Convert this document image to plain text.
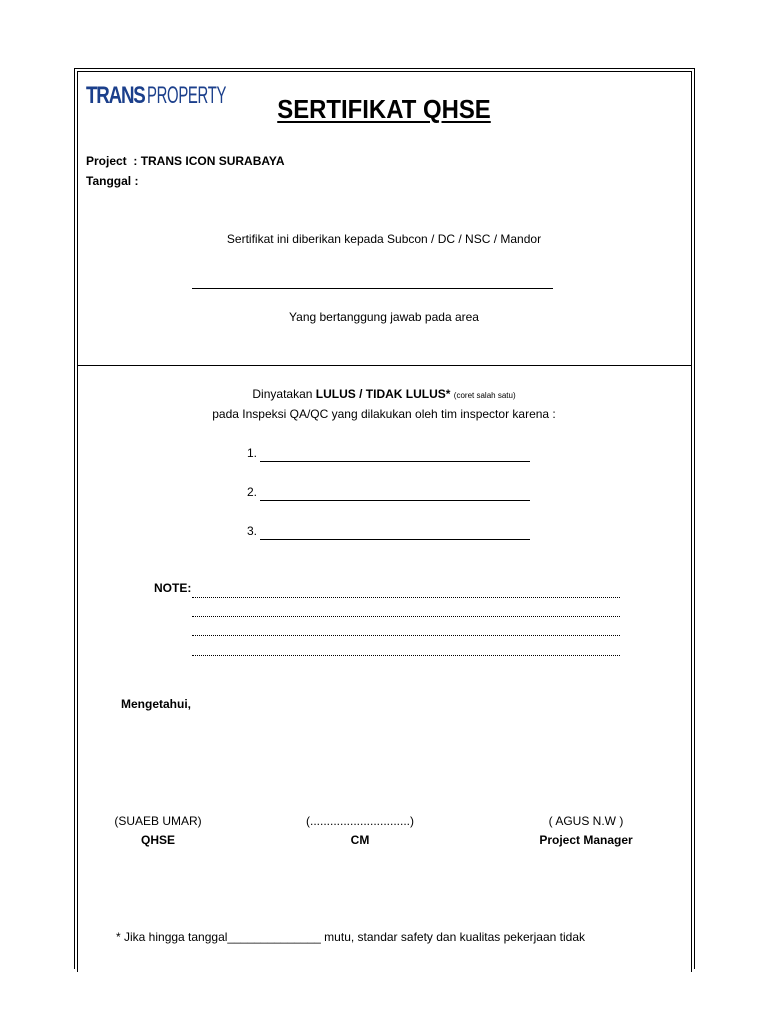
TRANS PROPERTY	SERTIFIKAT QHSE
Project : TRANS ICON SURABAYA
Tanggal :
Sertifikat ini diberikan kepada Subcon / DC / NSC / Mandor
Yang bertanggung jawab pada area
Dinyatakan LULUS / TIDAK LULUS* (coret salah satu)
pada Inspeksi QA/QC yang dilakukan oleh tim inspector karena :
1.
2.
3.
NOTE:
Mengetahui,
(SUAEB UMAR)
QHSE
(..............................)
CM
( AGUS N.W )
Project Manager
* Jika hingga tanggal______________ mutu, standar safety dan kualitas pekerjaan tidak
